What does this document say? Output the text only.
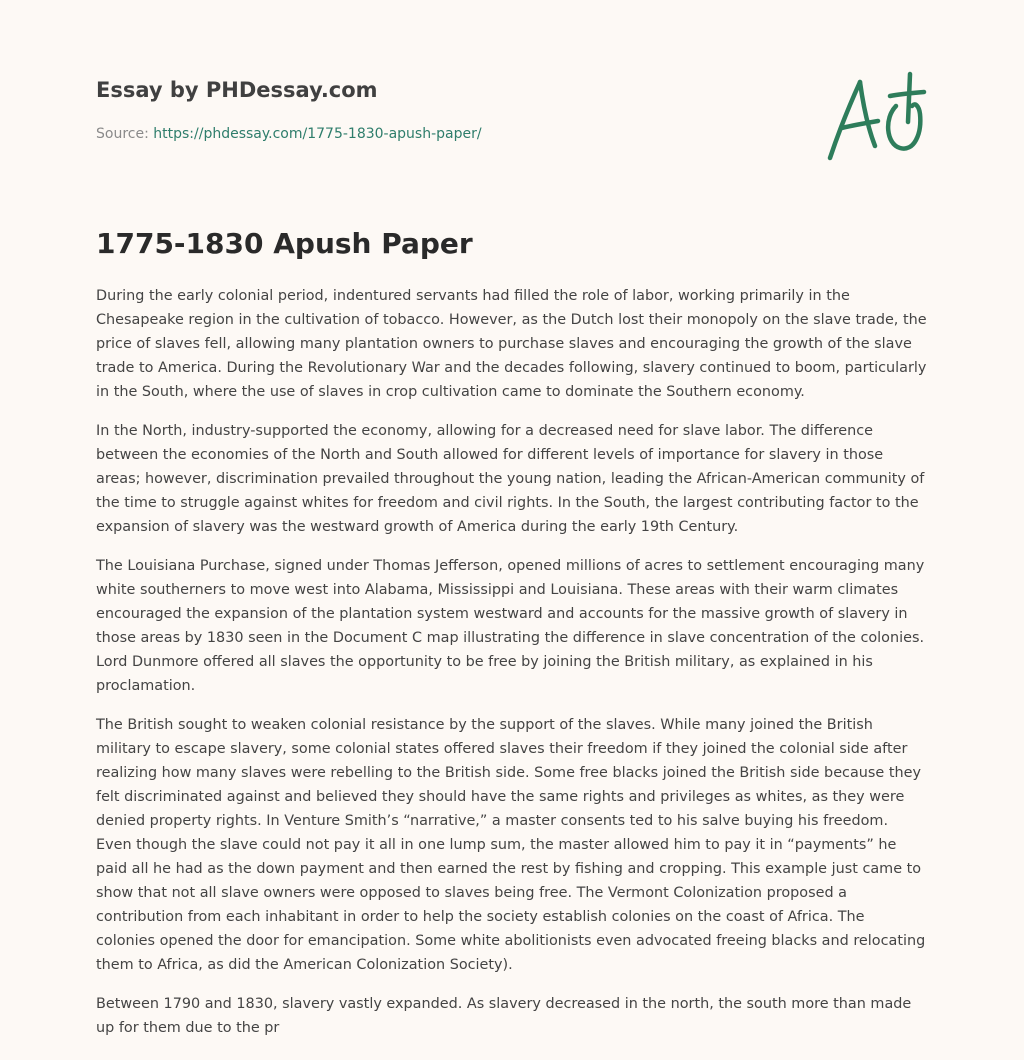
Essay by PHDessay.com
Source: https://phdessay.com/1775-1830-apush-paper/
1775-1830 Apush Paper

During the early colonial period, indentured servants had filled the role of labor, working primarily in the Chesapeake region in the cultivation of tobacco. However, as the Dutch lost their monopoly on the slave trade, the price of slaves fell, allowing many plantation owners to purchase slaves and encouraging the growth of the slave trade to America. During the Revolutionary War and the decades following, slavery continued to boom, particularly in the South, where the use of slaves in crop cultivation came to dominate the Southern economy.

In the North, industry-supported the economy, allowing for a decreased need for slave labor. The difference between the economies of the North and South allowed for different levels of importance for slavery in those areas; however, discrimination prevailed throughout the young nation, leading the African-American community of the time to struggle against whites for freedom and civil rights. In the South, the largest contributing factor to the expansion of slavery was the westward growth of America during the early 19th Century.

The Louisiana Purchase, signed under Thomas Jefferson, opened millions of acres to settlement encouraging many white southerners to move west into Alabama, Mississippi and Louisiana. These areas with their warm climates encouraged the expansion of the plantation system westward and accounts for the massive growth of slavery in those areas by 1830 seen in the Document C map illustrating the difference in slave concentration of the colonies. Lord Dunmore offered all slaves the opportunity to be free by joining the British military, as explained in his proclamation.

The British sought to weaken colonial resistance by the support of the slaves. While many joined the British military to escape slavery, some colonial states offered slaves their freedom if they joined the colonial side after realizing how many slaves were rebelling to the British side. Some free blacks joined the British side because they felt discriminated against and believed they should have the same rights and privileges as whites, as they were denied property rights. In Venture Smith’s “narrative,” a master consents ted to his salve buying his freedom. Even though the slave could not pay it all in one lump sum, the master allowed him to pay it in “payments” he paid all he had as the down payment and then earned the rest by fishing and cropping. This example just came to show that not all slave owners were opposed to slaves being free. The Vermont Colonization proposed a contribution from each inhabitant in order to help the society establish colonies on the coast of Africa. The colonies opened the door for emancipation. Some white abolitionists even advocated freeing blacks and relocating them to Africa, as did the American Colonization Society).

Between 1790 and 1830, slavery vastly expanded. As slavery decreased in the north, the south more than made up for them due to the pr
